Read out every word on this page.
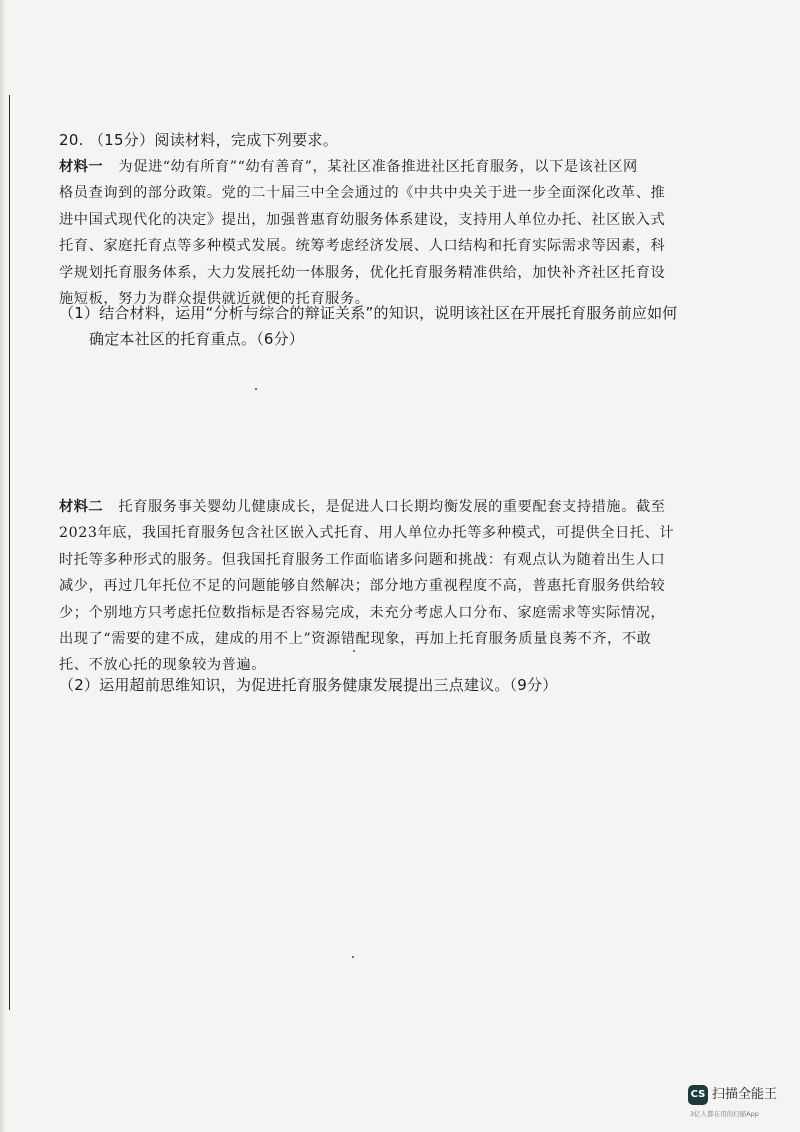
20. （15分）阅读材料，完成下列要求。

材料一 为促进“幼有所育”“幼有善育”，某社区准备推进社区托育服务，以下是该社区网
格员查询到的部分政策。党的二十届三中全会通过的《中共中央关于进一步全面深化改革、推
进中国式现代化的决定》提出，加强普惠育幼服务体系建设，支持用人单位办托、社区嵌入式
托育、家庭托育点等多种模式发展。统筹考虑经济发展、人口结构和托育实际需求等因素，科
学规划托育服务体系，大力发展托幼一体服务，优化托育服务精准供给，加快补齐社区托育设
施短板，努力为群众提供就近就便的托育服务。

（1）结合材料，运用“分析与综合的辩证关系”的知识，说明该社区在开展托育服务前应如何
确定本社区的托育重点。（6分）

材料二 托育服务事关婴幼儿健康成长，是促进人口长期均衡发展的重要配套支持措施。截至
2023年底，我国托育服务包含社区嵌入式托育、用人单位办托等多种模式，可提供全日托、计
时托等多种形式的服务。但我国托育服务工作面临诸多问题和挑战：有观点认为随着出生人口
减少，再过几年托位不足的问题能够自然解决；部分地方重视程度不高，普惠托育服务供给较
少；个别地方只考虑托位数指标是否容易完成，未充分考虑人口分布、家庭需求等实际情况，
出现了“需要的建不成，建成的用不上”资源错配现象，再加上托育服务质量良莠不齐，不敢
托、不放心托的现象较为普遍。

（2）运用超前思维知识，为促进托育服务健康发展提出三点建议。（9分）

CS 扫描全能王
3亿人都在用的扫描App
